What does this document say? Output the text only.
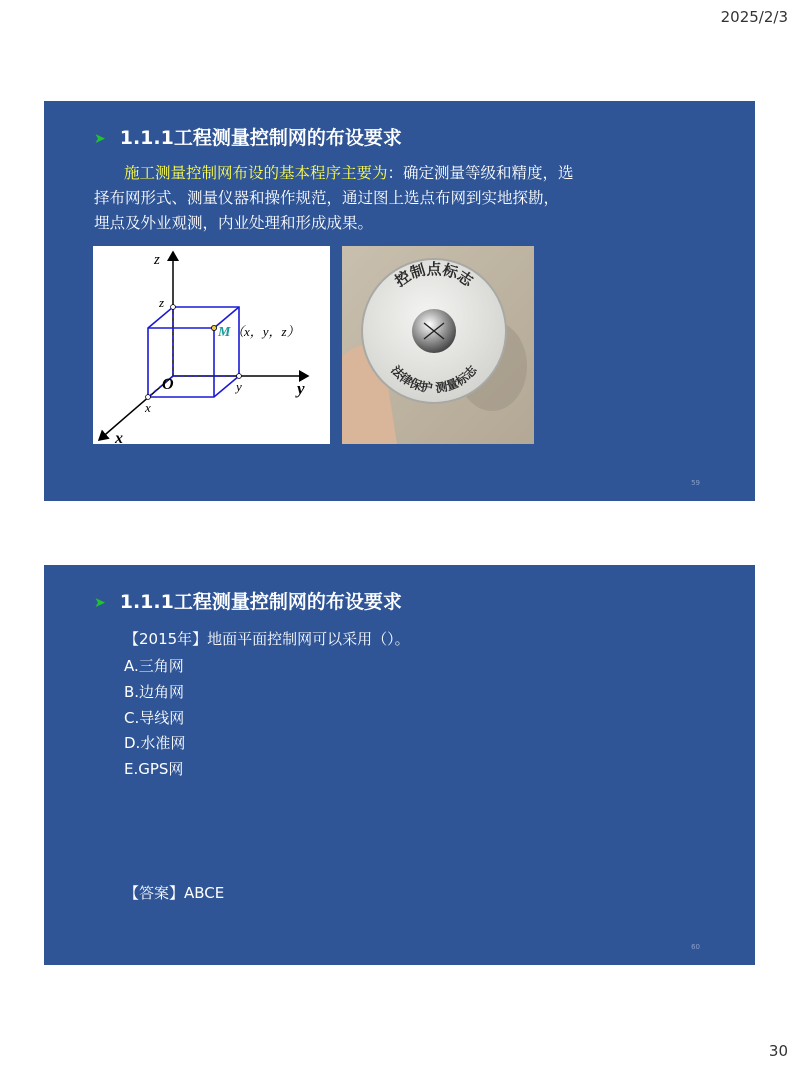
2025/2/3
➤ 1.1.1工程测量控制网的布设要求
施工测量控制网布设的基本程序主要为：确定测量等级和精度，选择布网形式、测量仪器和操作规范，通过图上选点布网到实地探勘，埋点及外业观测，内业处理和形成成果。
z
y
x
z
y
x
O
M （x，y，z）
控制点标志
法律保护 测量标志
59
➤ 1.1.1工程测量控制网的布设要求
【2015年】地面平面控制网可以采用（）。
A.三角网
B.边角网
C.导线网
D.水准网
E.GPS网
【答案】ABCE
60
30
